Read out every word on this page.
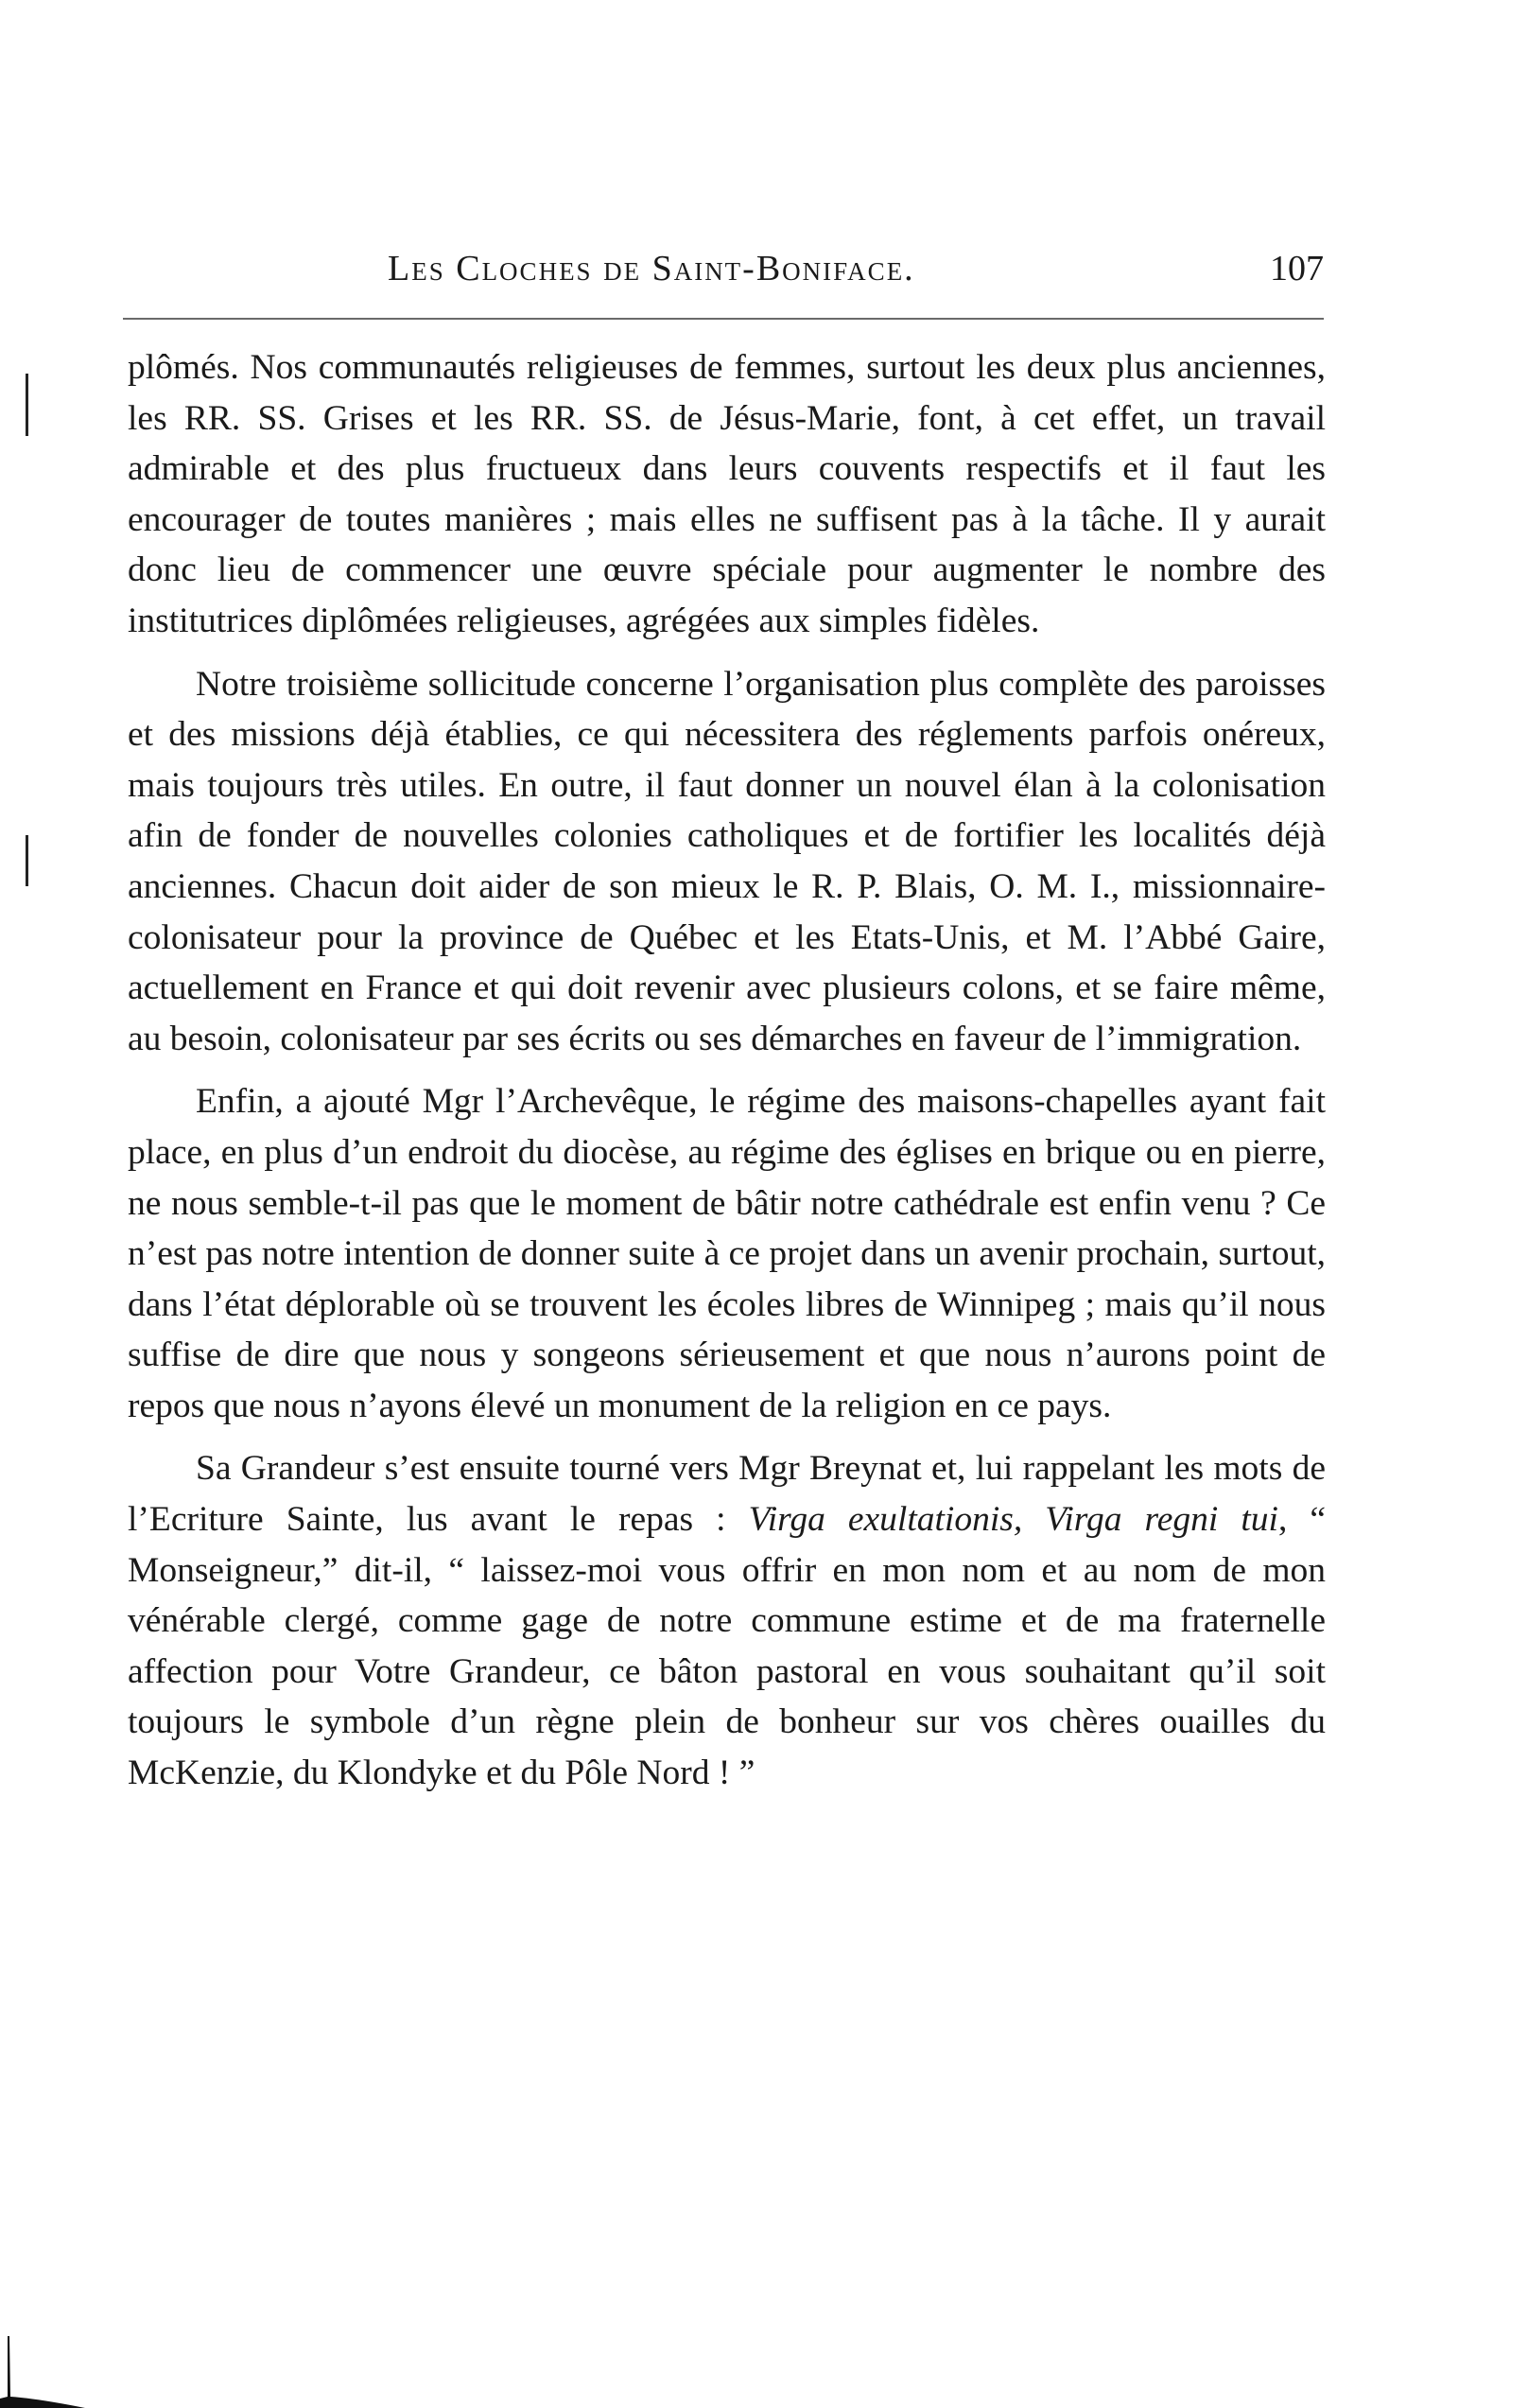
Les Cloches de Saint-Boniface.	107

plômés. Nos communautés religieuses de femmes, surtout les deux plus anciennes, les RR. SS. Grises et les RR. SS. de Jésus-Marie, font, à cet effet, un travail admirable et des plus fructueux dans leurs couvents respectifs et il faut les encourager de toutes manières ; mais elles ne suffisent pas à la tâche. Il y aurait donc lieu de commencer une œuvre spéciale pour augmenter le nombre des institutrices diplômées religieuses, agrégées aux simples fidèles.

Notre troisième sollicitude concerne l’organisation plus complète des paroisses et des missions déjà établies, ce qui nécessitera des réglements parfois onéreux, mais toujours très utiles. En outre, il faut donner un nouvel élan à la colonisation afin de fonder de nouvelles colonies catholiques et de fortifier les localités déjà anciennes. Chacun doit aider de son mieux le R. P. Blais, O. M. I., missionnaire-colonisateur pour la province de Québec et les Etats-Unis, et M. l’Abbé Gaire, actuellement en France et qui doit revenir avec plusieurs colons, et se faire même, au besoin, colonisateur par ses écrits ou ses démarches en faveur de l’immigration.

Enfin, a ajouté Mgr l’Archevêque, le régime des maisons-chapelles ayant fait place, en plus d’un endroit du diocèse, au régime des églises en brique ou en pierre, ne nous semble-t-il pas que le moment de bâtir notre cathédrale est enfin venu ? Ce n’est pas notre intention de donner suite à ce projet dans un avenir prochain, surtout, dans l’état déplorable où se trouvent les écoles libres de Winnipeg ; mais qu’il nous suffise de dire que nous y songeons sérieusement et que nous n’aurons point de repos que nous n’ayons élevé un monument de la religion en ce pays.

Sa Grandeur s’est ensuite tourné vers Mgr Breynat et, lui rappelant les mots de l’Ecriture Sainte, lus avant le repas : Virga exultationis, Virga regni tui, “ Monseigneur,” dit-il, “ laissez-moi vous offrir en mon nom et au nom de mon vénérable clergé, comme gage de notre commune estime et de ma fraternelle affection pour Votre Grandeur, ce bâton pastoral en vous souhaitant qu’il soit toujours le symbole d’un règne plein de bonheur sur vos chères ouailles du McKenzie, du Klondyke et du Pôle Nord ! ”
